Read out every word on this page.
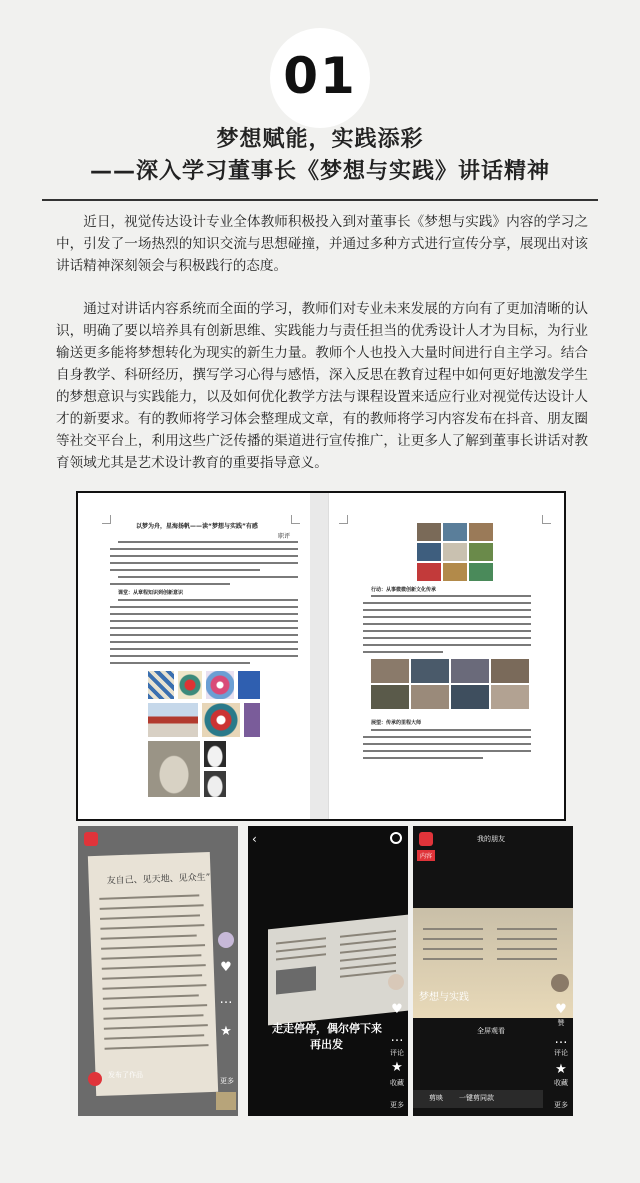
01
梦想赋能，实践添彩
——深入学习董事长《梦想与实践》讲话精神

近日，视觉传达设计专业全体教师积极投入到对董事长《梦想与实践》内容的学习之中，引发了一场热烈的知识交流与思想碰撞，并通过多种方式进行宣传分享，展现出对该讲话精神深刻领会与积极践行的态度。

通过对讲话内容系统而全面的学习，教师们对专业未来发展的方向有了更加清晰的认识，明确了要以培养具有创新思维、实践能力与责任担当的优秀设计人才为目标，为行业输送更多能将梦想转化为现实的新生力量。教师个人也投入大量时间进行自主学习。结合自身教学、科研经历，撰写学习心得与感悟，深入反思在教育过程中如何更好地激发学生的梦想意识与实践能力，以及如何优化教学方法与课程设置来适应行业对视觉传达设计人才的新要求。有的教师将学习体会整理成文章，有的教师将学习内容发布在抖音、朋友圈等社交平台上，利用这些广泛传播的渠道进行宣传推广，让更多人了解到董事长讲话对教育领域尤其是艺术设计教育的重要指导意义。

以梦为舟，星海扬帆——读“梦想与实践”有感
职评
课堂：从章程知识到创新意识	行动：从事微微创新文化传承
展望：传承的里程大师
友自己、见天地、见众生”
♥
…
★
发布了作品
更多
‹
♥
走走停停，偶尔停下来
再出发	…
评论
★
收藏
更多
我的朋友
内容
梦想与实践
♥
赞
全屏观看
…
评论
★
收藏
更多
剪映 一键剪同款
